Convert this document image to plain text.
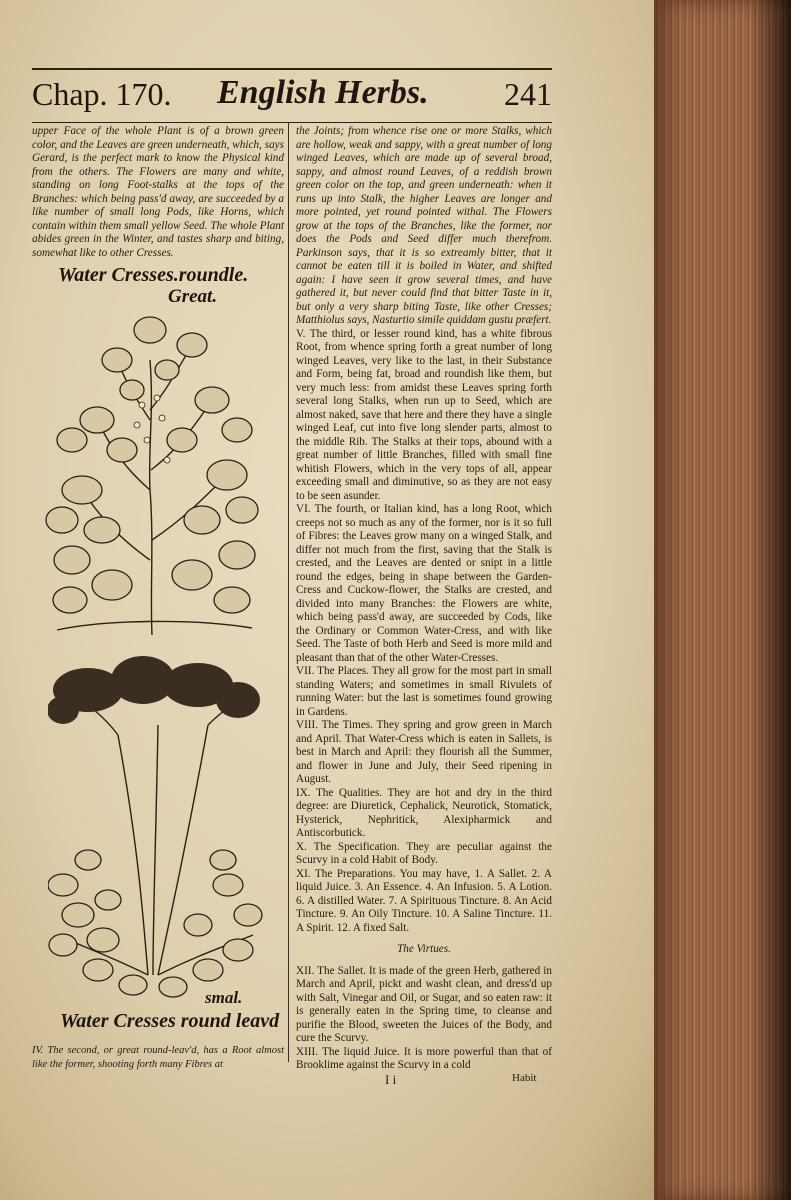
Chap. 170. English Herbs. 241
upper Face of the whole Plant is of a brown green color, and the Leaves are green underneath, which, says Gerard, is the perfect mark to know the Physical kind from the others. The Flowers are many and white, standing on long Foot-stalks at the tops of the Branches: which being pass'd away, are succeeded by a like number of small long Pods, like Horns, which contain within them small yellow Seed. The whole Plant abides green in the Winter, and tastes sharp and biting, somewhat like to other Cresses.
Water Cresses.roundle.
Great.
smal.
Water Cresses round leavd
IV. The second, or great round-leav'd, has a Root almost like the former, shooting forth many Fibres at

the Joints; from whence rise one or more Stalks, which are hollow, weak and sappy, with a great number of long winged Leaves, which are made up of several broad, sappy, and almost round Leaves, of a reddish brown green color on the top, and green underneath: when it runs up into Stalk, the higher Leaves are longer and more pointed, yet round pointed withal. The Flowers grow at the tops of the Branches, like the former, nor does the Pods and Seed differ much therefrom. Parkinson says, that it is so extreamly bitter, that it cannot be eaten till it is boiled in Water, and shifted again: I have seen it grow several times, and have gathered it, but never could find that bitter Taste in it, but only a very sharp biting Taste, like other Cresses; Matthiolus says, Nasturtio simile quiddam gustu præfert.

V. The third, or lesser round kind, has a white fibrous Root, from whence spring forth a great number of long winged Leaves, very like to the last, in their Substance and Form, being fat, broad and roundish like them, but very much less: from amidst these Leaves spring forth several long Stalks, when run up to Seed, which are almost naked, save that here and there they have a single winged Leaf, cut into five long slender parts, almost to the middle Rib. The Stalks at their tops, abound with a great number of little Branches, filled with small fine whitish Flowers, which in the very tops of all, appear exceeding small and diminutive, so as they are not easy to be seen asunder.

VI. The fourth, or Italian kind, has a long Root, which creeps not so much as any of the former, nor is it so full of Fibres: the Leaves grow many on a winged Stalk, and differ not much from the first, saving that the Stalk is crested, and the Leaves are dented or snipt in a little round the edges, being in shape between the Garden-Cress and Cuckow-flower, the Stalks are crested, and divided into many Branches: the Flowers are white, which being pass'd away, are succeeded by Cods, like the Ordinary or Common Water-Cress, and with like Seed. The Taste of both Herb and Seed is more mild and pleasant than that of the other Water-Cresses.

VII. The Places. They all grow for the most part in small standing Waters; and sometimes in small Rivulets of running Water: but the last is sometimes found growing in Gardens.

VIII. The Times. They spring and grow green in March and April. That Water-Cress which is eaten in Sallets, is best in March and April: they flourish all the Summer, and flower in June and July, their Seed ripening in August.

IX. The Qualities. They are hot and dry in the third degree: are Diuretick, Cephalick, Neurotick, Stomatick, Hysterick, Nephritick, Alexipharmick and Antiscorbutick.

X. The Specification. They are peculiar against the Scurvy in a cold Habit of Body.

XI. The Preparations. You may have, 1. A Sallet. 2. A liquid Juice. 3. An Essence. 4. An Infusion. 5. A Lotion. 6. A distilled Water. 7. A Spirituous Tincture. 8. An Acid Tincture. 9. An Oily Tincture. 10. A Saline Tincture. 11. A Spirit. 12. A fixed Salt.

The Virtues.

XII. The Sallet. It is made of the green Herb, gathered in March and April, pickt and washt clean, and dress'd up with Salt, Vinegar and Oil, or Sugar, and so eaten raw: it is generally eaten in the Spring time, to cleanse and purifie the Blood, sweeten the Juices of the Body, and cure the Scurvy.

XIII. The liquid Juice. It is more powerful than that of Brooklime against the Scurvy in a cold

I i	Habit
